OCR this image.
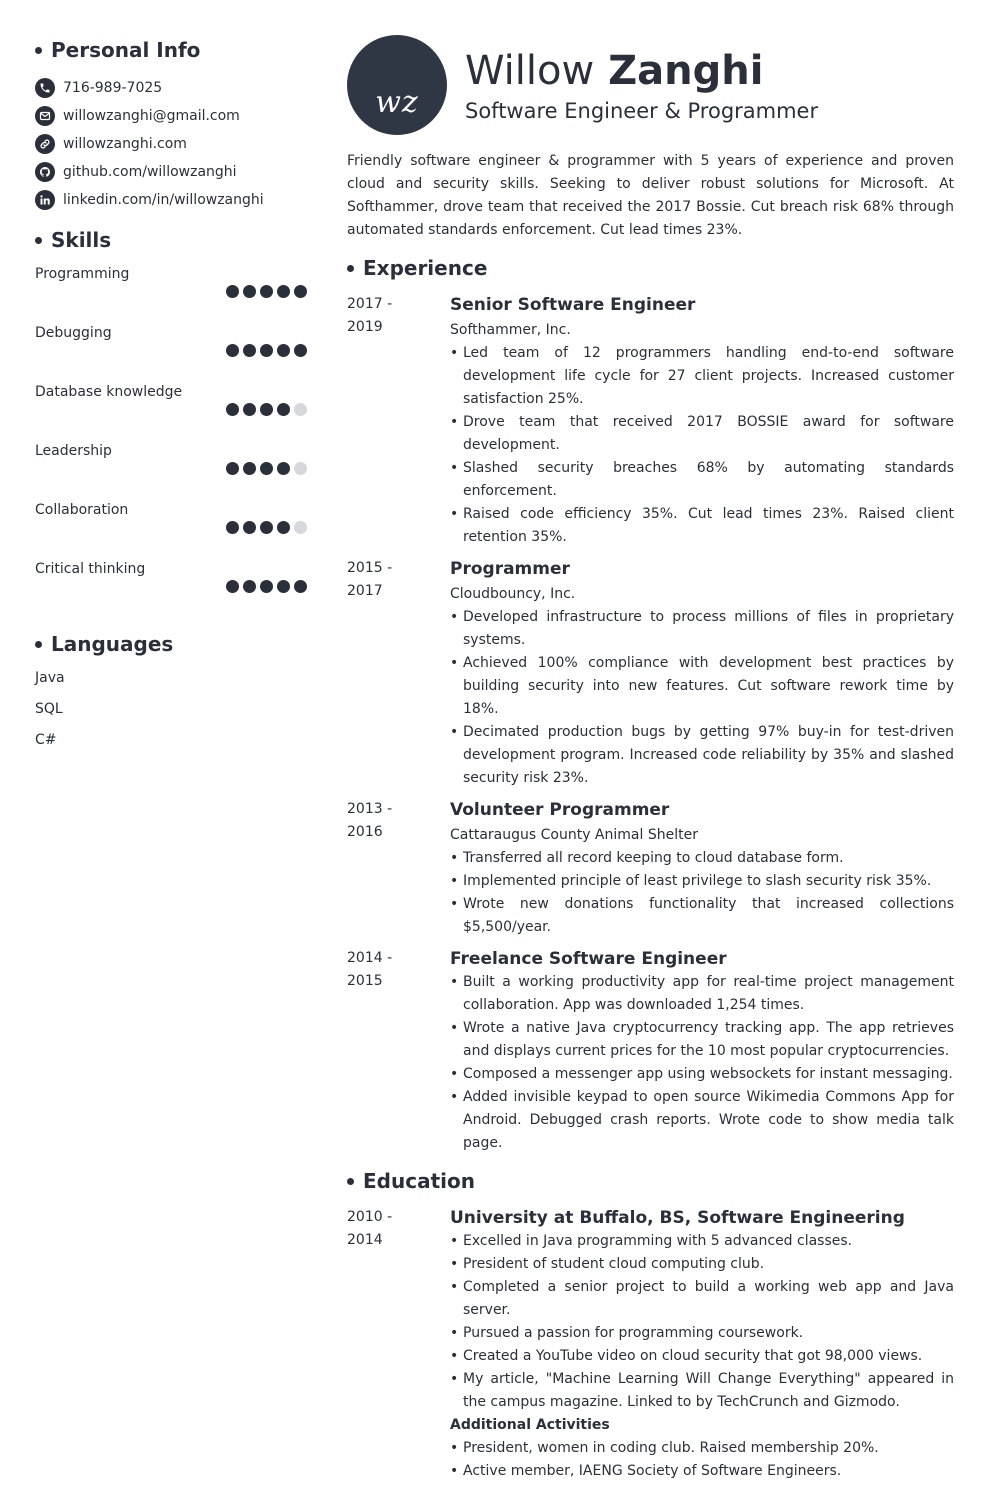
Personal Info
716-989-7025
willowzanghi@gmail.com
willowzanghi.com
github.com/willowzanghi
linkedin.com/in/willowzanghi
Skills
Programming
Debugging
Database knowledge
Leadership
Collaboration
Critical thinking
Languages
Java
SQL
C#
wz
Willow Zanghi
Software Engineer & Programmer

Friendly software engineer & programmer with 5 years of experience and proven cloud and security skills. Seeking to deliver robust solutions for Microsoft. At Softhammer, drove team that received the 2017 Bossie. Cut breach risk 68% through automated standards enforcement. Cut lead times 23%.

Experience
2017 -
2019
Senior Software Engineer
Softhammer, Inc.
• Led team of 12 programmers handling end-to-end software development life cycle for 27 client projects. Increased customer satisfaction 25%.
• Drove team that received 2017 BOSSIE award for software development.
• Slashed security breaches 68% by automating standards enforcement.
• Raised code efficiency 35%. Cut lead times 23%. Raised client retention 35%.
2015 -
2017
Programmer
Cloudbouncy, Inc.
• Developed infrastructure to process millions of files in proprietary systems.
• Achieved 100% compliance with development best practices by building security into new features. Cut software rework time by 18%.
• Decimated production bugs by getting 97% buy-in for test-driven development program. Increased code reliability by 35% and slashed security risk 23%.
2013 -
2016
Volunteer Programmer
Cattaraugus County Animal Shelter
• Transferred all record keeping to cloud database form.
• Implemented principle of least privilege to slash security risk 35%.
• Wrote new donations functionality that increased collections $5,500/year.
2014 -
2015
Freelance Software Engineer
• Built a working productivity app for real-time project management collaboration. App was downloaded 1,254 times.
• Wrote a native Java cryptocurrency tracking app. The app retrieves and displays current prices for the 10 most popular cryptocurrencies.
• Composed a messenger app using websockets for instant messaging.
• Added invisible keypad to open source Wikimedia Commons App for Android. Debugged crash reports. Wrote code to show media talk page.
Education
2010 -
2014
University at Buffalo, BS, Software Engineering
• Excelled in Java programming with 5 advanced classes.
• President of student cloud computing club.
• Completed a senior project to build a working web app and Java server.
• Pursued a passion for programming coursework.
• Created a YouTube video on cloud security that got 98,000 views.
• My article, "Machine Learning Will Change Everything" appeared in the campus magazine. Linked to by TechCrunch and Gizmodo.
Additional Activities
• President, women in coding club. Raised membership 20%.
• Active member, IAENG Society of Software Engineers.
